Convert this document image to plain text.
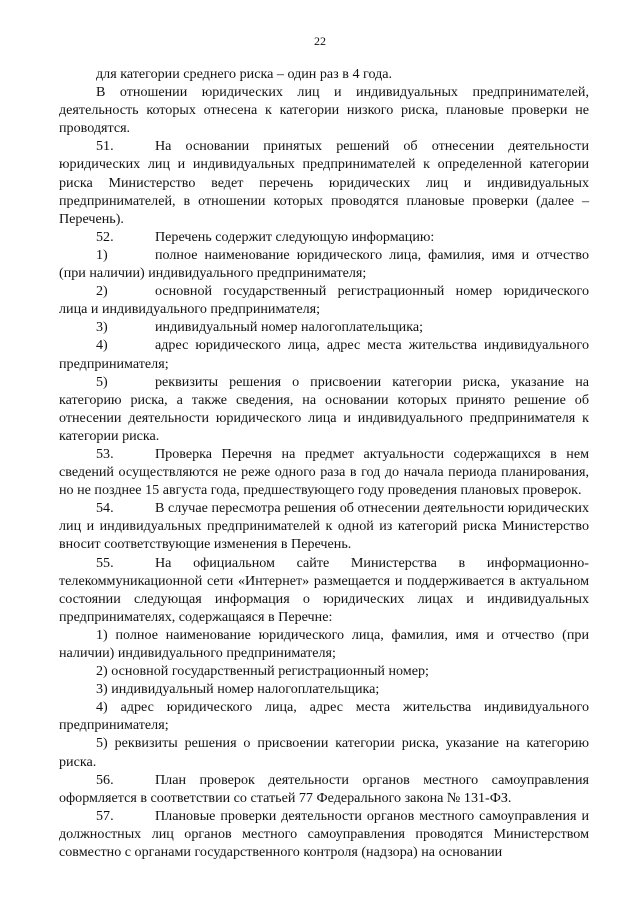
22

для категории среднего риска – один раз в 4 года.

В отношении юридических лиц и индивидуальных предпринимателей, деятельность которых отнесена к категории низкого риска, плановые проверки не проводятся.

51.	На основании принятых решений об отнесении деятельности юридических лиц и индивидуальных предпринимателей к определенной категории риска Министерство ведет перечень юридических лиц и индивидуальных предпринимателей, в отношении которых проводятся плановые проверки (далее – Перечень).

52.	Перечень содержит следующую информацию:

1)	полное наименование юридического лица, фамилия, имя и отчество (при наличии) индивидуального предпринимателя;

2)	основной государственный регистрационный номер юридического лица и индивидуального предпринимателя;

3)	индивидуальный номер налогоплательщика;

4)	адрес юридического лица, адрес места жительства индивидуального предпринимателя;

5)	реквизиты решения о присвоении категории риска, указание на категорию риска, а также сведения, на основании которых принято решение об отнесении деятельности юридического лица и индивидуального предпринимателя к категории риска.

53.	Проверка Перечня на предмет актуальности содержащихся в нем сведений осуществляются не реже одного раза в год до начала периода планирования, но не позднее 15 августа года, предшествующего году проведения плановых проверок.

54.	В случае пересмотра решения об отнесении деятельности юридических лиц и индивидуальных предпринимателей к одной из категорий риска Министерство вносит соответствующие изменения в Перечень.

55.	На официальном сайте Министерства в информационно-телекоммуникационной сети «Интернет» размещается и поддерживается в актуальном состоянии следующая информация о юридических лицах и индивидуальных предпринимателях, содержащаяся в Перечне:

1) полное наименование юридического лица, фамилия, имя и отчество (при наличии) индивидуального предпринимателя;

2) основной государственный регистрационный номер;

3) индивидуальный номер налогоплательщика;

4) адрес юридического лица, адрес места жительства индивидуального предпринимателя;

5) реквизиты решения о присвоении категории риска, указание на категорию риска.

56.	План проверок деятельности органов местного самоуправления оформляется в соответствии со статьей 77 Федерального закона № 131-ФЗ.

57.	Плановые проверки деятельности органов местного самоуправления и должностных лиц органов местного самоуправления проводятся Министерством совместно с органами государственного контроля (надзора) на основании
